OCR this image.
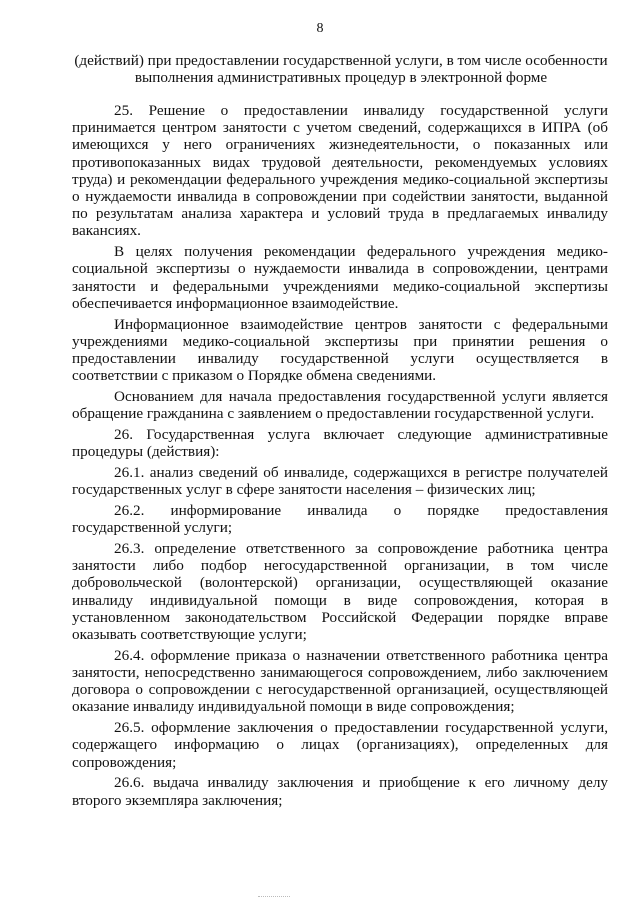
8
(действий) при предоставлении государственной услуги, в том числе особенности выполнения административных процедур в электронной форме

25. Решение о предоставлении инвалиду государственной услуги принимается центром занятости с учетом сведений, содержащихся в ИПРА (об имеющихся у него ограничениях жизнедеятельности, о показанных или противопоказанных видах трудовой деятельности, рекомендуемых условиях труда) и рекомендации федерального учреждения медико-социальной экспертизы о нуждаемости инвалида в сопровождении при содействии занятости, выданной по результатам анализа характера и условий труда в предлагаемых инвалиду вакансиях.

В целях получения рекомендации федерального учреждения медико-социальной экспертизы о нуждаемости инвалида в сопровождении, центрами занятости и федеральными учреждениями медико-социальной экспертизы обеспечивается информационное взаимодействие.

Информационное взаимодействие центров занятости с федеральными учреждениями медико-социальной экспертизы при принятии решения о предоставлении инвалиду государственной услуги осуществляется в соответствии с приказом о Порядке обмена сведениями.

Основанием для начала предоставления государственной услуги является обращение гражданина с заявлением о предоставлении государственной услуги.

26. Государственная услуга включает следующие административные процедуры (действия):

26.1. анализ сведений об инвалиде, содержащихся в регистре получателей государственных услуг в сфере занятости населения – физических лиц;

26.2. информирование инвалида о порядке предоставления государственной услуги;

26.3. определение ответственного за сопровождение работника центра занятости либо подбор негосударственной организации, в том числе добровольческой (волонтерской) организации, осуществляющей оказание инвалиду индивидуальной помощи в виде сопровождения, которая в установленном законодательством Российской Федерации порядке вправе оказывать соответствующие услуги;

26.4. оформление приказа о назначении ответственного работника центра занятости, непосредственно занимающегося сопровождением, либо заключением договора о сопровождении с негосударственной организацией, осуществляющей оказание инвалиду индивидуальной помощи в виде сопровождения;

26.5. оформление заключения о предоставлении государственной услуги, содержащего информацию о лицах (организациях), определенных для сопровождения;

26.6. выдача инвалиду заключения и приобщение к его личному делу второго экземпляра заключения;
